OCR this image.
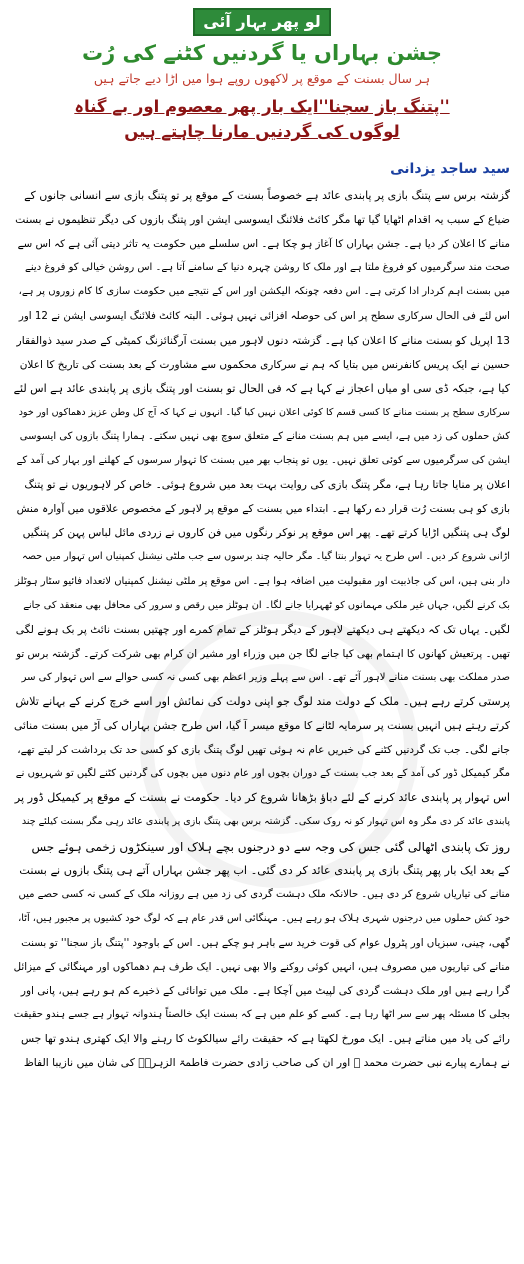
لو پھر بہار آئی
جشن بہاراں یا گردنیں کٹنے کی رُت
ہر سال بسنت کے موقع پر لاکھوں روپے ہوا میں اڑا دیے جاتے ہیں
''پتنگ باز سجنا''ایک بار پھر معصوم اور بے گناہ
لوگوں کی گردنیں مارنا چاہتے ہیں
سید ساجد یزدانی
گزشتہ برس سے پتنگ بازی پر پابندی عائد ہے خصوصاً بسنت کے موقع پر تو پتنگ بازی سے انسانی جانوں کے
ضیاع کے سبب یہ اقدام اٹھایا گیا تھا مگر کائٹ فلائنگ ایسوسی ایشن اور پتنگ بازوں کی دیگر تنظیموں نے بسنت
منانے کا اعلان کر دیا ہے۔ جشن بہاراں کا آغاز ہو چکا ہے۔ اس سلسلے میں حکومت یہ تاثر دیتی آئی ہے کہ اس سے
صحت مند سرگرمیوں کو فروغ ملتا ہے اور ملک کا روشن چہرہ دنیا کے سامنے آتا ہے۔ اس روشن خیالی کو فروغ دینے
میں بسنت اہم کردار ادا کرتی ہے۔ اس دفعہ چونکہ الیکشن اور اس کے نتیجے میں حکومت سازی کا کام زوروں پر ہے،
اس لئے فی الحال سرکاری سطح پر اس کی حوصلہ افزائی نہیں ہوئی۔ البتہ کائٹ فلائنگ ایسوسی ایشن نے 12 اور
13 اپریل کو بسنت منانے کا اعلان کیا ہے۔ گزشتہ دنوں لاہور میں بسنت آرگنائزنگ کمیٹی کے صدر سید ذوالفقار
حسین نے ایک پریس کانفرنس میں بتایا کہ ہم نے سرکاری محکموں سے مشاورت کے بعد بسنت کی تاریخ کا اعلان
کیا ہے، جبکہ ڈی سی او میاں اعجاز نے کہا ہے کہ فی الحال تو بسنت اور پتنگ بازی پر پابندی عائد ہے اس لئے
سرکاری سطح پر بسنت منانے کا کسی قسم کا کوئی اعلان نہیں کیا گیا۔ انہوں نے کہا کہ آج کل وطن عزیز دھماکوں اور خود
کش حملوں کی زد میں ہے، ایسے میں ہم بسنت منانے کے متعلق سوچ بھی نہیں سکتے۔ ہمارا پتنگ بازوں کی ایسوسی
ایشن کی سرگرمیوں سے کوئی تعلق نہیں۔ یوں تو پنجاب بھر میں بسنت کا تہوار سرسوں کے کھلنے اور بہار کی آمد کے
اعلان پر منایا جاتا رہا ہے، مگر پتنگ بازی کی روایت بہت بعد میں شروع ہوئی۔ خاص کر لاہوریوں نے تو پتنگ
بازی کو ہی بسنت رُت قرار دے رکھا ہے۔ ابتداء میں بسنت کے موقع پر لاہور کے مخصوص علاقوں میں آوارہ منش
لوگ ہی پتنگیں اڑایا کرتے تھے۔ پھر اس موقع پر نوکر رنگوں میں فن کاروں نے زردی مائل لباس پہن کر پتنگیں
اڑانی شروع کر دیں۔ اس طرح یہ تہوار بنتا گیا۔ مگر حالیہ چند برسوں سے جب ملٹی نیشنل کمپنیاں اس تہوار میں حصہ
دار بنی ہیں، اس کی جاذبیت اور مقبولیت میں اضافہ ہوا ہے۔ اس موقع پر ملٹی نیشنل کمپنیاں لاتعداد فائیو سٹار ہوٹلز
بک کرنے لگیں، جہاں غیر ملکی مہمانوں کو ٹھہرایا جانے لگا۔ ان ہوٹلز میں رقص و سرور کی محافل بھی منعقد کی جانے
لگیں۔ یہاں تک کہ دیکھتے ہی دیکھتے لاہور کے دیگر ہوٹلز کے تمام کمرے اور چھتیں بسنت نائٹ پر بک ہونے لگی
تھیں۔ پرتعیش کھانوں کا اہتمام بھی کیا جانے لگا جن میں وزراء اور مشیر ان کرام بھی شرکت کرتے۔ گزشتہ برس تو
صدر مملکت بھی بسنت منانے لاہور آئے تھے۔ اس سے پہلے وزیر اعظم بھی کسی نہ کسی حوالے سے اس تہوار کی سر
پرستی کرتے رہے ہیں۔ ملک کے دولت مند لوگ جو اپنی دولت کی نمائش اور اسے خرچ کرنے کے بہانے تلاش
کرتے رہتے ہیں انہیں بسنت پر سرمایہ لٹانے کا موقع میسر آ گیا، اس طرح جشن بہاراں کی آڑ میں بسنت منائی
جانے لگی۔ جب تک گردنیں کٹنے کی خبریں عام نہ ہوئی تھیں لوگ پتنگ بازی کو کسی حد تک برداشت کر لیتے تھے،
مگر کیمیکل ڈور کی آمد کے بعد جب بسنت کے دوران بچوں اور عام دنوں میں بچوں کی گردنیں کٹنے لگیں تو شہریوں نے
اس تہوار پر پابندی عائد کرنے کے لئے دباؤ بڑھانا شروع کر دیا۔ حکومت نے بسنت کے موقع پر کیمیکل ڈور پر
پابندی عائد کر دی مگر وہ اس تہوار کو نہ روک سکی۔ گزشتہ برس بھی پتنگ بازی پر پابندی عائد رہی مگر بسنت کیلئے چند
روز تک پابندی اٹھالی گئی جس کی وجہ سے دو درجنوں بچے ہلاک اور سینکڑوں زخمی ہوئے جس
کے بعد ایک بار پھر پتنگ بازی پر پابندی عائد کر دی گئی۔ اب پھر جشن بہاراں آتے ہی پتنگ بازوں نے بسنت
منانے کی تیاریاں شروع کر دی ہیں۔ حالانکہ ملک دہشت گردی کی زد میں ہے روزانہ ملک کے کسی نہ کسی حصے میں
خود کش حملوں میں درجنوں شہری ہلاک ہو رہے ہیں۔ مہنگائی اس قدر عام ہے کہ لوگ خود کشیوں پر مجبور ہیں، آٹا،
گھی، چینی، سبزیاں اور پٹرول عوام کی قوت خرید سے باہر ہو چکے ہیں۔ اس کے باوجود ''پتنگ باز سجنا'' تو بسنت
منانے کی تیاریوں میں مصروف ہیں، انہیں کوئی روکنے والا بھی نہیں۔ ایک طرف ہم دھماکوں اور مہنگائی کے میزائل
گرا رہے ہیں اور ملک دہشت گردی کی لپیٹ میں آچکا ہے۔ ملک میں توانائی کے ذخیرے کم ہو رہے ہیں، پانی اور
بجلی کا مسئلہ پھر سے سر اٹھا رہا ہے۔ کسے کو علم میں ہے کہ بسنت ایک خالصتاً ہندوانہ تہوار ہے جسے ہندو حقیقت
رائے کی یاد میں مناتے ہیں۔ ایک مورخ لکھتا ہے کہ حقیقت رائے سیالکوٹ کا رہنے والا ایک کھتری ہندو تھا جس
نے ہمارے پیارے نبی حضرت محمد ﷺ اور ان کی صاحب زادی حضرت فاطمۃ الزہرہؓ کی شان میں نازیبا الفاظ
